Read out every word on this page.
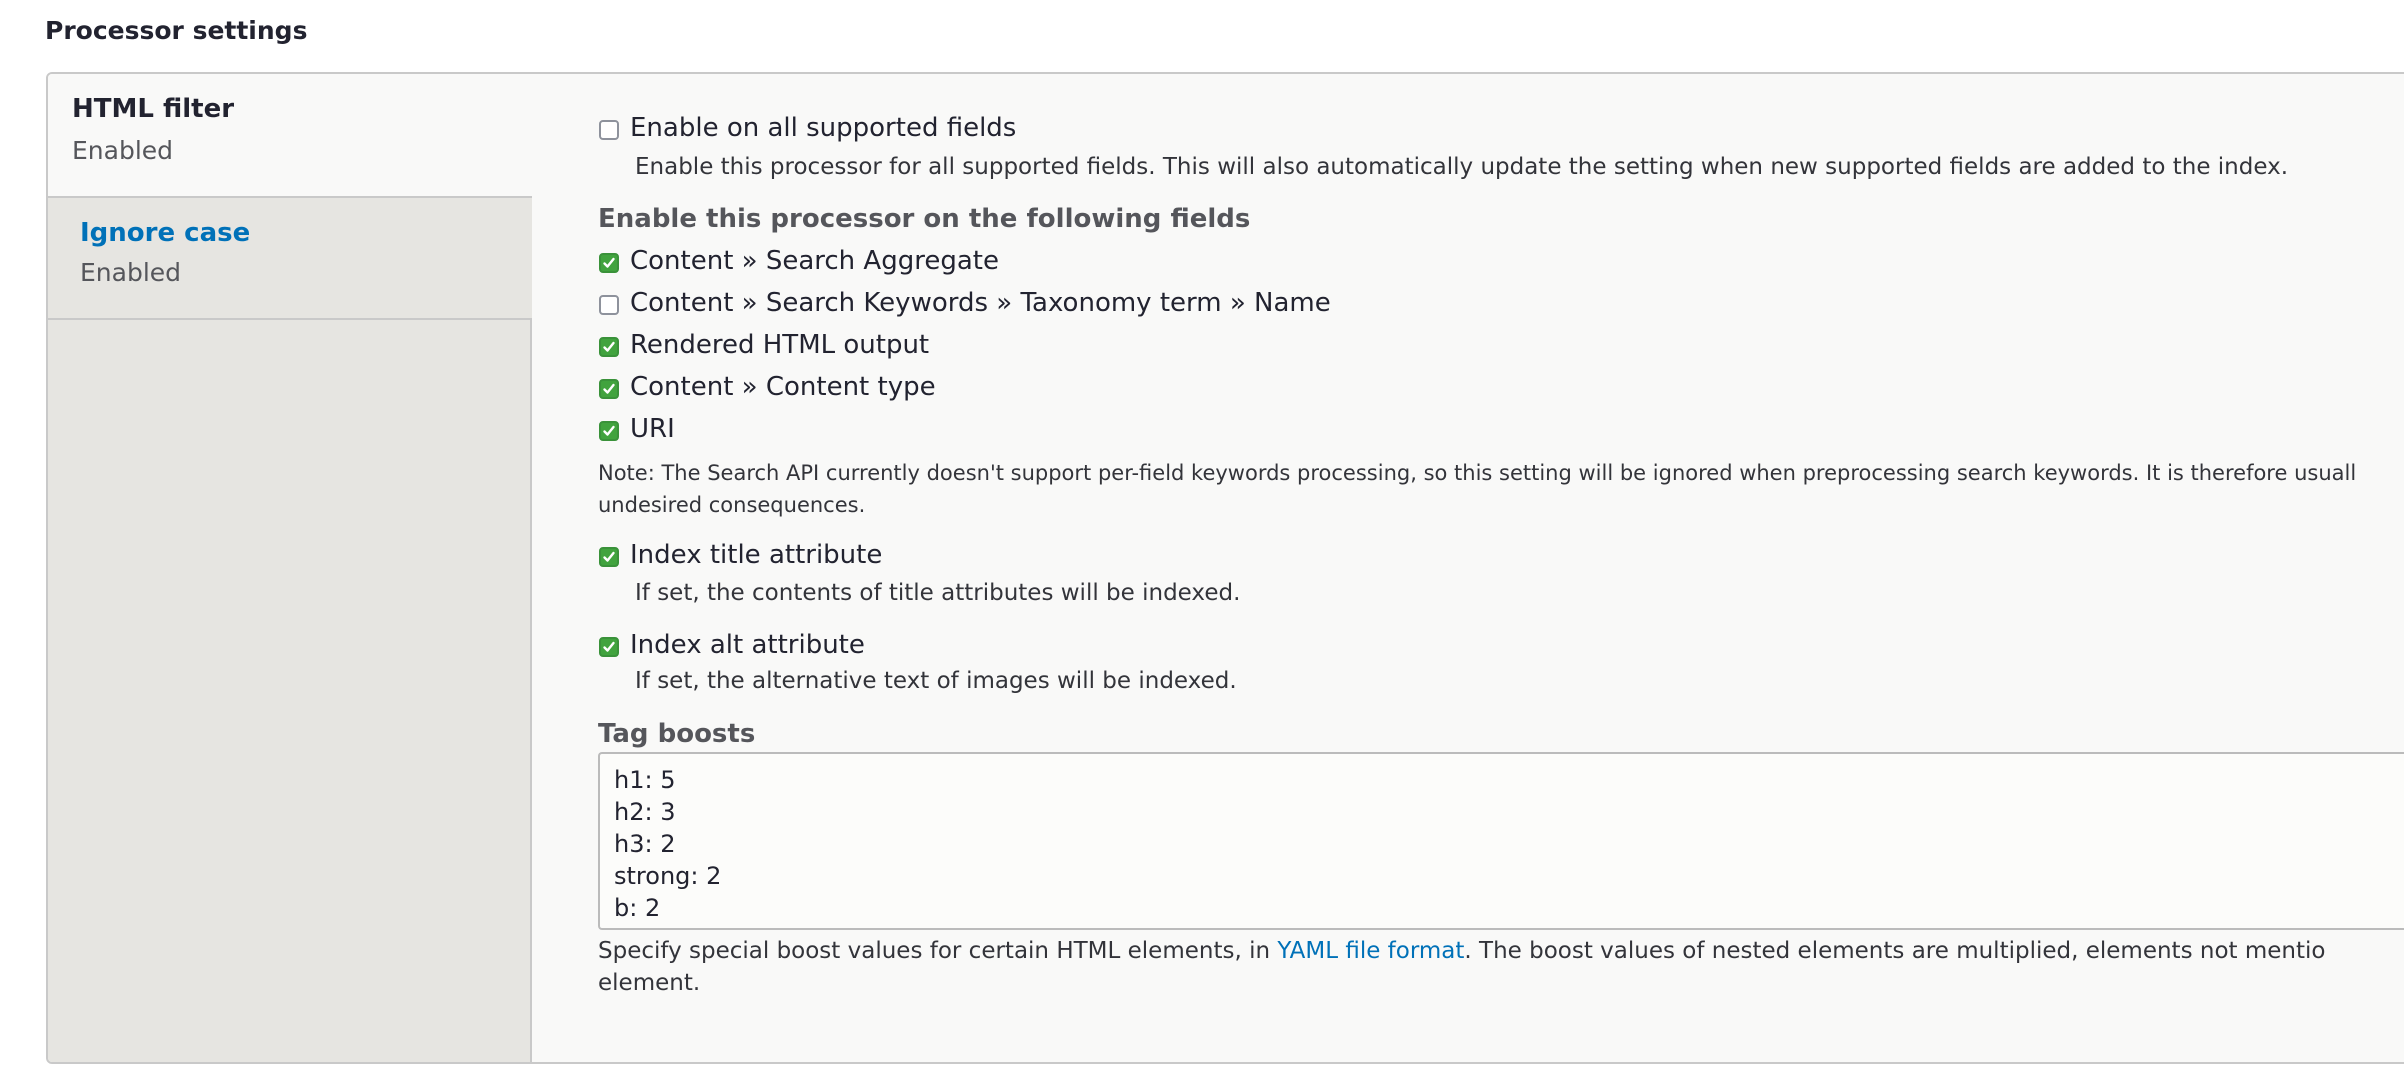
Processor settings
HTML filter
Enabled
Ignore case
Enabled
Enable on all supported fields
Enable this processor for all supported fields. This will also automatically update the setting when new supported fields are added to the index.
Enable this processor on the following fields
Content » Search Aggregate
Content » Search Keywords » Taxonomy term » Name
Rendered HTML output
Content » Content type
URI
Note: The Search API currently doesn't support per-field keywords processing, so this setting will be ignored when preprocessing search keywords. It is therefore usuall
undesired consequences.
Index title attribute
If set, the contents of title attributes will be indexed.
Index alt attribute
If set, the alternative text of images will be indexed.
Tag boosts
h1: 5 h2: 3 h3: 2 strong: 2 b: 2
Specify special boost values for certain HTML elements, in YAML file format. The boost values of nested elements are multiplied, elements not mentio
element.
